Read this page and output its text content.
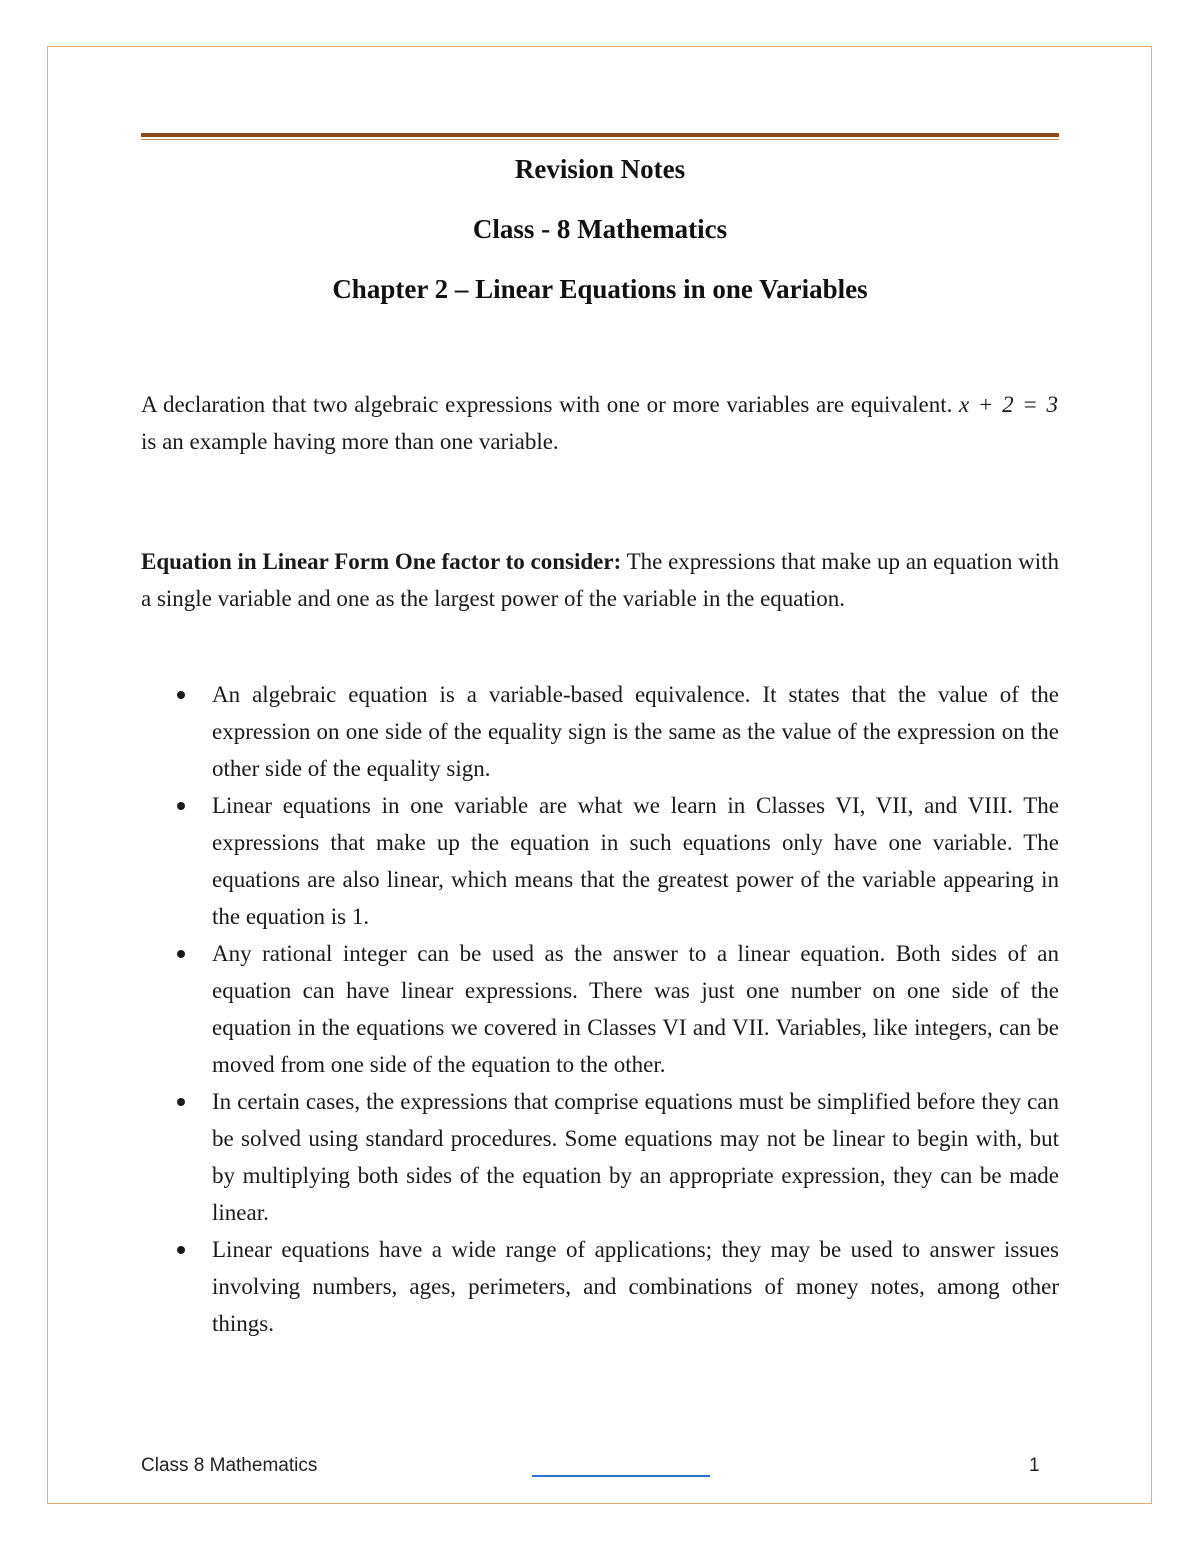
Revision Notes
Class - 8 Mathematics
Chapter 2 – Linear Equations in one Variables
A declaration that two algebraic expressions with one or more variables are equivalent. x + 2 = 3 is an example having more than one variable.
Equation in Linear Form One factor to consider: The expressions that make up an equation with a single variable and one as the largest power of the variable in the equation.
An algebraic equation is a variable-based equivalence. It states that the value of the expression on one side of the equality sign is the same as the value of the expression on the other side of the equality sign.
Linear equations in one variable are what we learn in Classes VI, VII, and VIII. The expressions that make up the equation in such equations only have one variable. The equations are also linear, which means that the greatest power of the variable appearing in the equation is 1.
Any rational integer can be used as the answer to a linear equation. Both sides of an equation can have linear expressions. There was just one number on one side of the equation in the equations we covered in Classes VI and VII. Variables, like integers, can be moved from one side of the equation to the other.
In certain cases, the expressions that comprise equations must be simplified before they can be solved using standard procedures. Some equations may not be linear to begin with, but by multiplying both sides of the equation by an appropriate expression, they can be made linear.
Linear equations have a wide range of applications; they may be used to answer issues involving numbers, ages, perimeters, and combinations of money notes, among other things.
Class 8 Mathematics	1
